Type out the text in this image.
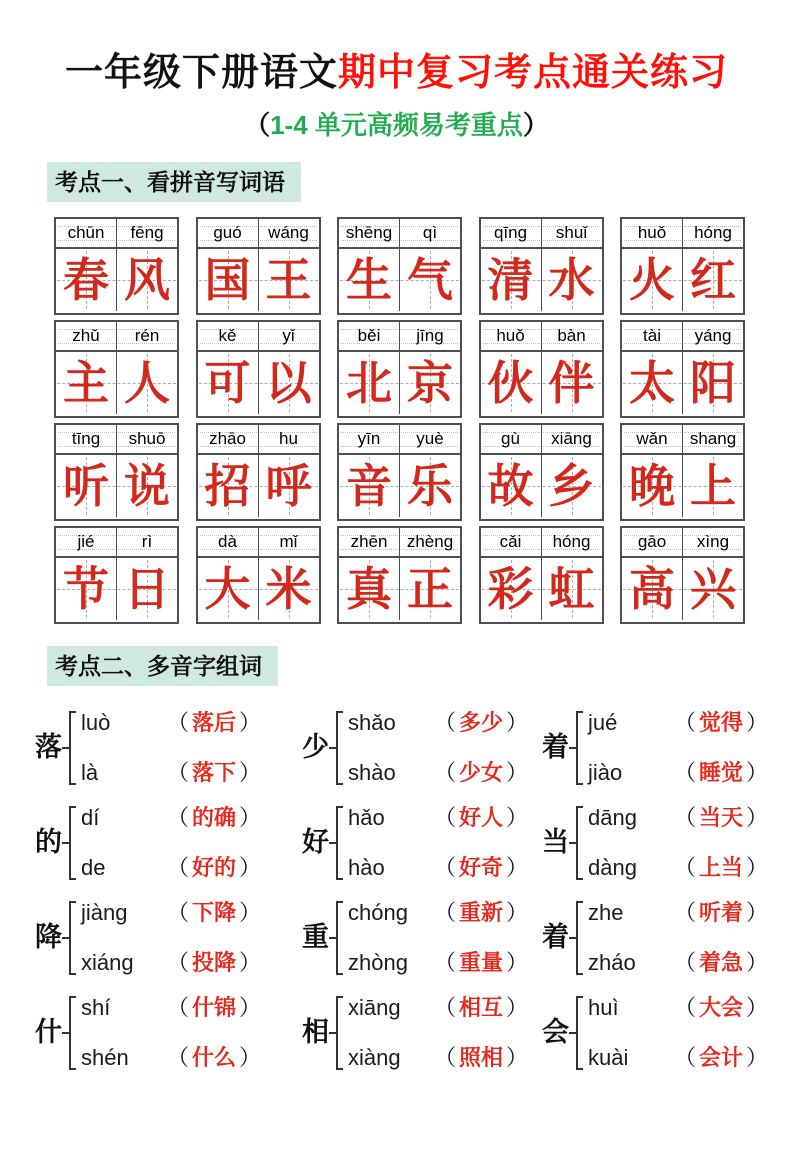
一年级下册语文期中复习考点通关练习
（1-4 单元高频易考重点）
考点一、看拼音写词语
chūn	fēng
春 风
guó	wáng
国 王
shēng	qì
生 气
qīng	shuǐ
清 水
huǒ	hóng
火 红
zhǔ	rén
主 人
kě	yǐ
可 以
běi	jīng
北 京
huǒ	bàn
伙 伴
tài	yáng
太 阳
tīng	shuō
听 说
zhāo	hu
招 呼
yīn	yuè
音 乐
gù	xiāng
故 乡
wǎn	shang
晚 上
jié	rì
节 日
dà	mǐ
大 米
zhēn	zhèng
真 正
cǎi	hóng
彩 虹
gāo	xìng
高 兴
考点二、多音字组词
落
luò	（ 落后 ）
là	（ 落下 ）
少
shǎo	（ 多少 ）
shào	（ 少女 ）
着
jué	（ 觉得 ）
jiào	（ 睡觉 ）
的
dí	（ 的确 ）
de	（ 好的 ）
好
hǎo	（ 好人 ）
hào	（ 好奇 ）
当
dāng	（ 当天 ）
dàng	（ 上当 ）
降
jiàng	（ 下降 ）
xiáng	（ 投降 ）
重
chóng	（ 重新 ）
zhòng	（ 重量 ）
着
zhe	（ 听着 ）
zháo	（ 着急 ）
什
shí	（ 什锦 ）
shén	（ 什么 ）
相
xiāng	（ 相互 ）
xiàng	（ 照相 ）
会
huì	（ 大会 ）
kuài	（ 会计 ）
